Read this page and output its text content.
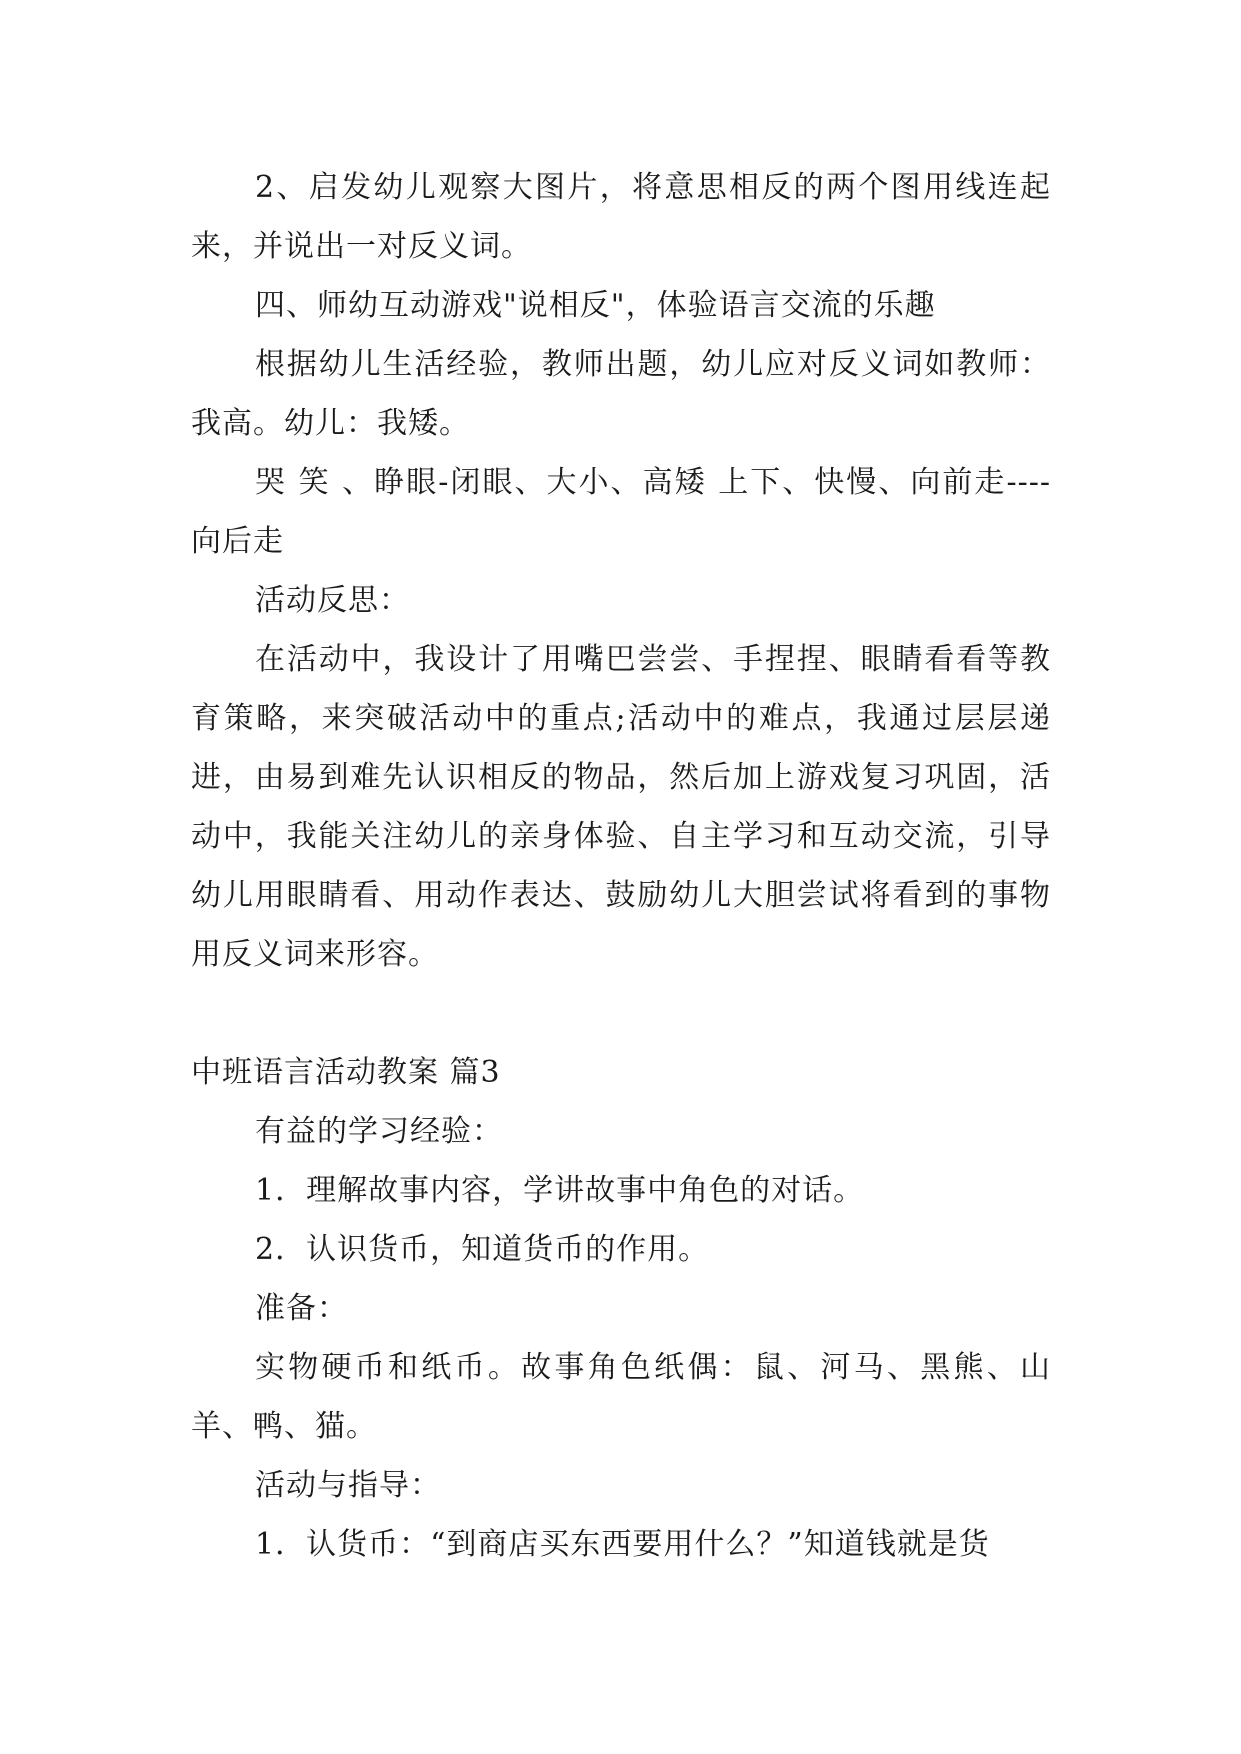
2、启发幼儿观察大图片，将意思相反的两个图用线连起来，并说出一对反义词。

四、师幼互动游戏"说相反"，体验语言交流的乐趣

根据幼儿生活经验，教师出题，幼儿应对反义词如教师：我高。幼儿：我矮。

哭 笑 、睁眼-闭眼、大小、高矮 上下、快慢、向前走----向后走

活动反思：

在活动中，我设计了用嘴巴尝尝、手捏捏、眼睛看看等教育策略，来突破活动中的重点;活动中的难点，我通过层层递进，由易到难先认识相反的物品，然后加上游戏复习巩固，活动中，我能关注幼儿的亲身体验、自主学习和互动交流，引导幼儿用眼睛看、用动作表达、鼓励幼儿大胆尝试将看到的事物用反义词来形容。

中班语言活动教案 篇3

有益的学习经验：

1．理解故事内容，学讲故事中角色的对话。

2．认识货币，知道货币的作用。

准备：

实物硬币和纸币。故事角色纸偶：鼠、河马、黑熊、山羊、鸭、猫。

活动与指导：

1．认货币：“到商店买东西要用什么？”知道钱就是货
